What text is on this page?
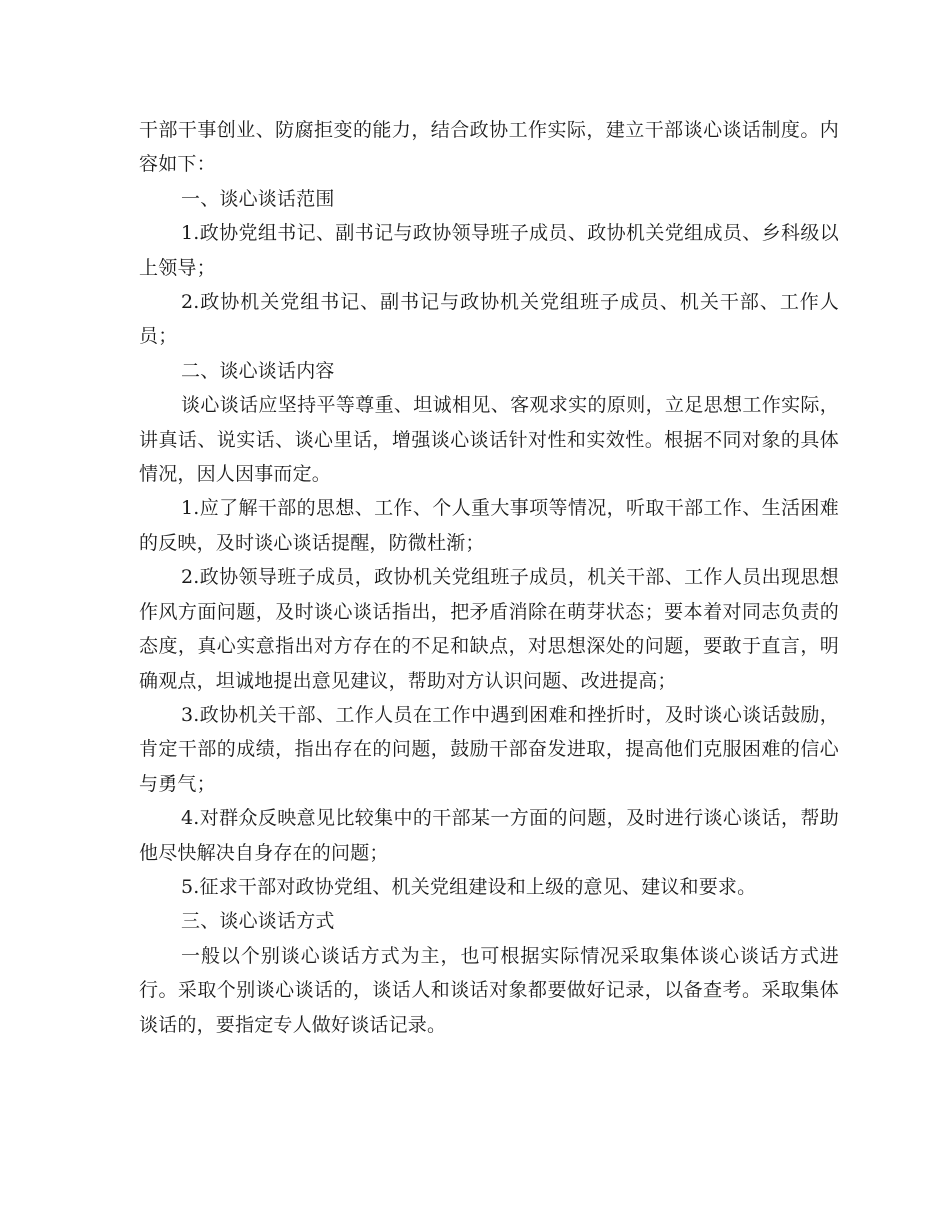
干部干事创业、防腐拒变的能力，结合政协工作实际，建立干部谈心谈话制度。内容如下：

一、谈心谈话范围

1.政协党组书记、副书记与政协领导班子成员、政协机关党组成员、乡科级以上领导；

2.政协机关党组书记、副书记与政协机关党组班子成员、机关干部、工作人员；

二、谈心谈话内容

谈心谈话应坚持平等尊重、坦诚相见、客观求实的原则，立足思想工作实际，讲真话、说实话、谈心里话，增强谈心谈话针对性和实效性。根据不同对象的具体情况，因人因事而定。

1.应了解干部的思想、工作、个人重大事项等情况，听取干部工作、生活困难的反映，及时谈心谈话提醒，防微杜渐；

2.政协领导班子成员，政协机关党组班子成员，机关干部、工作人员出现思想作风方面问题，及时谈心谈话指出，把矛盾消除在萌芽状态；要本着对同志负责的态度，真心实意指出对方存在的不足和缺点，对思想深处的问题，要敢于直言，明确观点，坦诚地提出意见建议，帮助对方认识问题、改进提高；

3.政协机关干部、工作人员在工作中遇到困难和挫折时，及时谈心谈话鼓励，肯定干部的成绩，指出存在的问题，鼓励干部奋发进取，提高他们克服困难的信心与勇气；

4.对群众反映意见比较集中的干部某一方面的问题，及时进行谈心谈话，帮助他尽快解决自身存在的问题；

5.征求干部对政协党组、机关党组建设和上级的意见、建议和要求。

三、谈心谈话方式

一般以个别谈心谈话方式为主，也可根据实际情况采取集体谈心谈话方式进行。采取个别谈心谈话的，谈话人和谈话对象都要做好记录，以备查考。采取集体谈话的，要指定专人做好谈话记录。
